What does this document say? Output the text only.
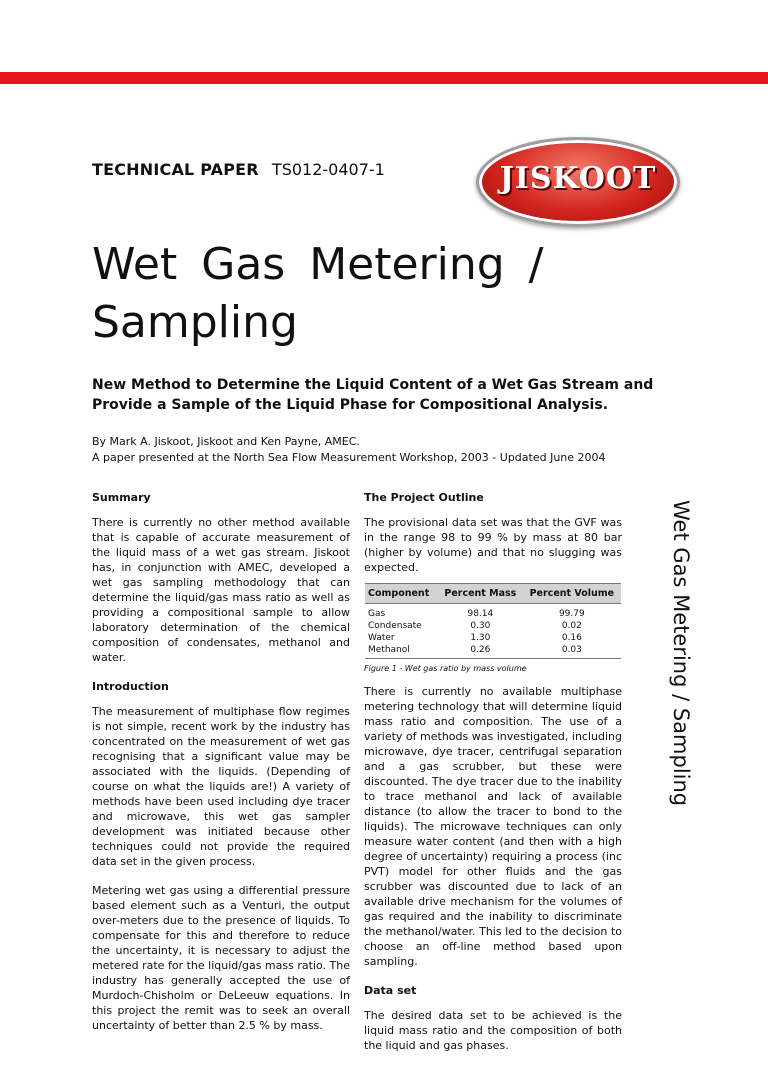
TECHNICAL PAPER TS012-0407-1	JISKOOT
Wet Gas Metering /
Sampling

New Method to Determine the Liquid Content of a Wet Gas Stream and Provide a Sample of the Liquid Phase for Compositional Analysis.

By Mark A. Jiskoot, Jiskoot and Ken Payne, AMEC.
A paper presented at the North Sea Flow Measurement Workshop, 2003 - Updated June 2004
Summary

There is currently no other method available that is capable of accurate measurement of the liquid mass of a wet gas stream. Jiskoot has, in conjunction with AMEC, developed a wet gas sampling methodology that can determine the liquid/gas mass ratio as well as providing a compositional sample to allow laboratory determination of the chemical composition of condensates, methanol and water.

Introduction

The measurement of multiphase flow regimes is not simple, recent work by the industry has concentrated on the measurement of wet gas recognising that a significant value may be associated with the liquids. (Depending of course on what the liquids are!) A variety of methods have been used including dye tracer and microwave, this wet gas sampler development was initiated because other techniques could not provide the required data set in the given process.

Metering wet gas using a differential pressure based element such as a Venturi, the output over-meters due to the presence of liquids. To compensate for this and therefore to reduce the uncertainty, it is necessary to adjust the metered rate for the liquid/gas mass ratio. The industry has generally accepted the use of Murdoch-Chisholm or DeLeeuw equations. In this project the remit was to seek an overall uncertainty of better than 2.5 % by mass.

The Project Outline

The provisional data set was that the GVF was in the range 98 to 99 % by mass at 80 bar (higher by volume) and that no slugging was expected.

Component	Percent Mass	Percent Volume
Gas	98.14	99.79
Condensate	0.30	0.02
Water	1.30	0.16
Methanol	0.26	0.03
Figure 1 - Wet gas ratio by mass volume

There is currently no available multiphase metering technology that will determine liquid mass ratio and composition. The use of a variety of methods was investigated, including microwave, dye tracer, centrifugal separation and a gas scrubber, but these were discounted. The dye tracer due to the inability to trace methanol and lack of available distance (to allow the tracer to bond to the liquids). The microwave techniques can only measure water content (and then with a high degree of uncertainty) requiring a process (inc PVT) model for other fluids and the gas scrubber was discounted due to lack of an available drive mechanism for the volumes of gas required and the inability to discriminate the methanol/water. This led to the decision to choose an off-line method based upon sampling.

Data set

The desired data set to be achieved is the liquid mass ratio and the composition of both the liquid and gas phases.

Wet Gas Metering / Sampling
